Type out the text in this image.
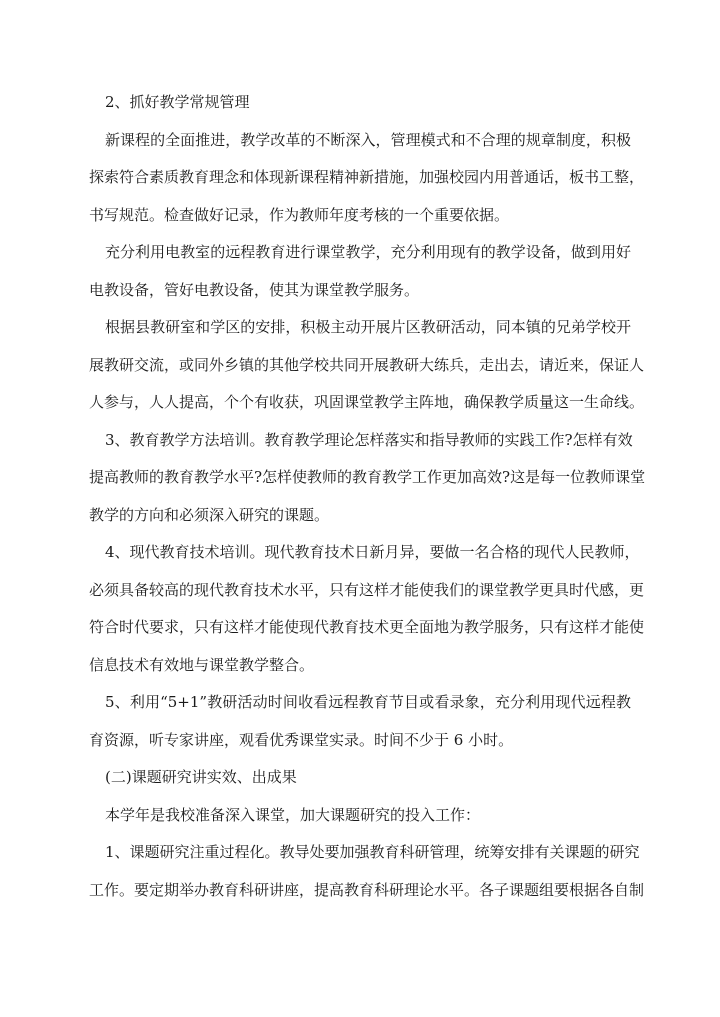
2、抓好教学常规管理
新课程的全面推进，教学改革的不断深入，管理模式和不合理的规章制度，积极
探索符合素质教育理念和体现新课程精神新措施，加强校园内用普通话，板书工整，
书写规范。检查做好记录，作为教师年度考核的一个重要依据。
充分利用电教室的远程教育进行课堂教学，充分利用现有的教学设备，做到用好
电教设备，管好电教设备，使其为课堂教学服务。
根据县教研室和学区的安排，积极主动开展片区教研活动，同本镇的兄弟学校开
展教研交流，或同外乡镇的其他学校共同开展教研大练兵，走出去，请近来，保证人
人参与，人人提高，个个有收获，巩固课堂教学主阵地，确保教学质量这一生命线。
3、教育教学方法培训。教育教学理论怎样落实和指导教师的实践工作?怎样有效
提高教师的教育教学水平?怎样使教师的教育教学工作更加高效?这是每一位教师课堂
教学的方向和必须深入研究的课题。
4、现代教育技术培训。现代教育技术日新月异，要做一名合格的现代人民教师，
必须具备较高的现代教育技术水平，只有这样才能使我们的课堂教学更具时代感，更
符合时代要求，只有这样才能使现代教育技术更全面地为教学服务，只有这样才能使
信息技术有效地与课堂教学整合。
5、利用“5+1”教研活动时间收看远程教育节目或看录象，充分利用现代远程教
育资源，听专家讲座，观看优秀课堂实录。时间不少于 6 小时。
(二)课题研究讲实效、出成果
本学年是我校准备深入课堂，加大课题研究的投入工作：
1、课题研究注重过程化。教导处要加强教育科研管理，统筹安排有关课题的研究
工作。要定期举办教育科研讲座，提高教育科研理论水平。各子课题组要根据各自制
